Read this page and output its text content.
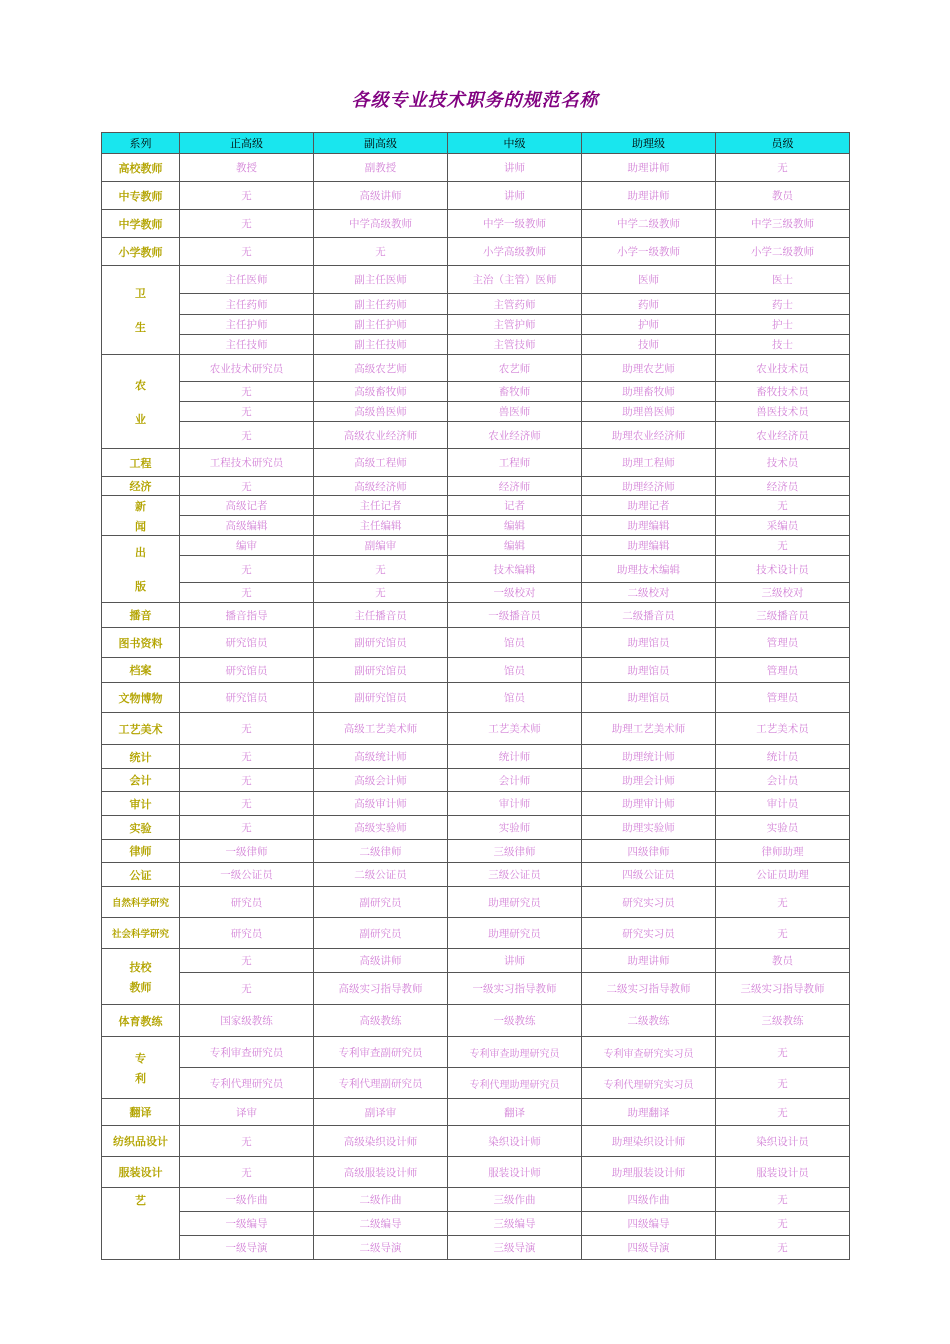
各级专业技术职务的规范名称
系列	正高级	副高级	中级	助理级	员级

高校教师	教授	副教授	讲师	助理讲师	无

中专教师	无	高级讲师	讲师	助理讲师	教员

中学教师	无	中学高级教师	中学一级教师	中学二级教师	中学三级教师

小学教师	无	无	小学高级教师	小学一级教师	小学二级教师

卫
生	主任医师	副主任医师	主治（主管）医师	医师	医士
	主任药师	副主任药师	主管药师	药师	药士
	主任护师	副主任护师	主管护师	护师	护士
	主任技师	副主任技师	主管技师	技师	技士

农
业	农业技术研究员	高级农艺师	农艺师	助理农艺师	农业技术员
	无	高级畜牧师	畜牧师	助理畜牧师	畜牧技术员
	无	高级兽医师	兽医师	助理兽医师	兽医技术员
	无	高级农业经济师	农业经济师	助理农业经济师	农业经济员

工程	工程技术研究员	高级工程师	工程师	助理工程师	技术员

经济	无	高级经济师	经济师	助理经济师	经济员

新
闻	高级记者	主任记者	记者	助理记者	无
	高级编辑	主任编辑	编辑	助理编辑	采编员

出
版	编审	副编审	编辑	助理编辑	无
	无	无	技术编辑	助理技术编辑	技术设计员
	无	无	一级校对	二级校对	三级校对

播音	播音指导	主任播音员	一级播音员	二级播音员	三级播音员

图书资料	研究馆员	副研究馆员	馆员	助理馆员	管理员

档案	研究馆员	副研究馆员	馆员	助理馆员	管理员

文物博物	研究馆员	副研究馆员	馆员	助理馆员	管理员

工艺美术	无	高级工艺美术师	工艺美术师	助理工艺美术师	工艺美术员

统计	无	高级统计师	统计师	助理统计师	统计员

会计	无	高级会计师	会计师	助理会计师	会计员

审计	无	高级审计师	审计师	助理审计师	审计员

实验	无	高级实验师	实验师	助理实验师	实验员

律师	一级律师	二级律师	三级律师	四级律师	律师助理

公证	一级公证员	二级公证员	三级公证员	四级公证员	公证员助理

自然科学研究	研究员	副研究员	助理研究员	研究实习员	无

社会科学研究	研究员	副研究员	助理研究员	研究实习员	无

技校
教师	无	高级讲师	讲师	助理讲师	教员
	无	高级实习指导教师	一级实习指导教师	二级实习指导教师	三级实习指导教师

体育教练	国家级教练	高级教练	一级教练	二级教练	三级教练

专
利	专利审查研究员	专利审查副研究员	专利审查助理研究员	专利审查研究实习员	无
	专利代理研究员	专利代理副研究员	专利代理助理研究员	专利代理研究实习员	无

翻译	译审	副译审	翻译	助理翻译	无

纺织品设计	无	高级染织设计师	染织设计师	助理染织设计师	染织设计员

服装设计	无	高级服装设计师	服装设计师	助理服装设计师	服装设计员

艺	一级作曲	二级作曲	三级作曲	四级作曲	无
	一级编导	二级编导	三级编导	四级编导	无
	一级导演	二级导演	三级导演	四级导演	无
